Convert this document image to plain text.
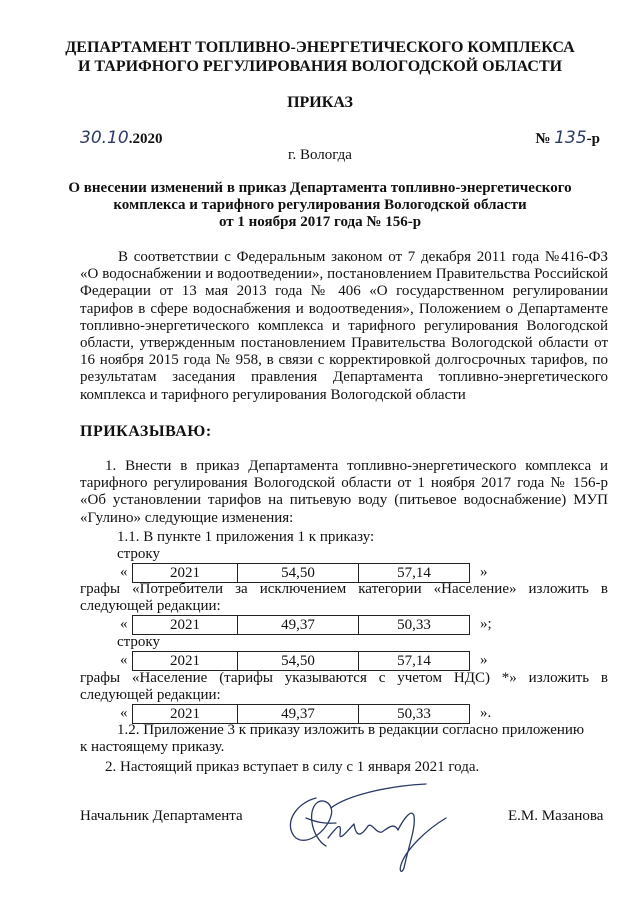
ДЕПАРТАМЕНТ ТОПЛИВНО-ЭНЕРГЕТИЧЕСКОГО КОМПЛЕКСА
И ТАРИФНОГО РЕГУЛИРОВАНИЯ ВОЛОГОДСКОЙ ОБЛАСТИ
ПРИКАЗ
30.10.2020	№ 135-р
г. Вологда
О внесении изменений в приказ Департамента топливно-энергетического
комплекса и тарифного регулирования Вологодской области
от 1 ноября 2017 года № 156-р
В соответствии с Федеральным законом от 7 декабря 2011 года №416-ФЗ «О водоснабжении и водоотведении», постановлением Правительства Российской Федерации от 13 мая 2013 года № 406 «О государственном регулировании тарифов в сфере водоснабжения и водоотведения», Положением о Департаменте топливно-энергетического комплекса и тарифного регулирования Вологодской области, утвержденным постановлением Правительства Вологодской области от 16 ноября 2015 года № 958, в связи с корректировкой долгосрочных тарифов, по результатам заседания правления Департамента топливно-энергетического комплекса и тарифного регулирования Вологодской области
ПРИКАЗЫВАЮ:
1. Внести в приказ Департамента топливно-энергетического комплекса и тарифного регулирования Вологодской области от 1 ноября 2017 года № 156-р «Об установлении тарифов на питьевую воду (питьевое водоснабжение) МУП «Гулино» следующие изменения:
1.1. В пункте 1 приложения 1 к приказу:
строку
«	2021	54,50	57,14	»
графы «Потребители за исключением категории «Население» изложить в
следующей редакции:
«	2021	49,37	50,33	»;
строку
«	2021	54,50	57,14	»
графы «Население (тарифы указываются с учетом НДС) *» изложить в
следующей редакции:
«	2021	49,37	50,33	».
1.2. Приложение 3 к приказу изложить в редакции согласно приложению
к настоящему приказу.
2. Настоящий приказ вступает в силу с 1 января 2021 года.
Начальник Департамента	Е.М. Мазанова
